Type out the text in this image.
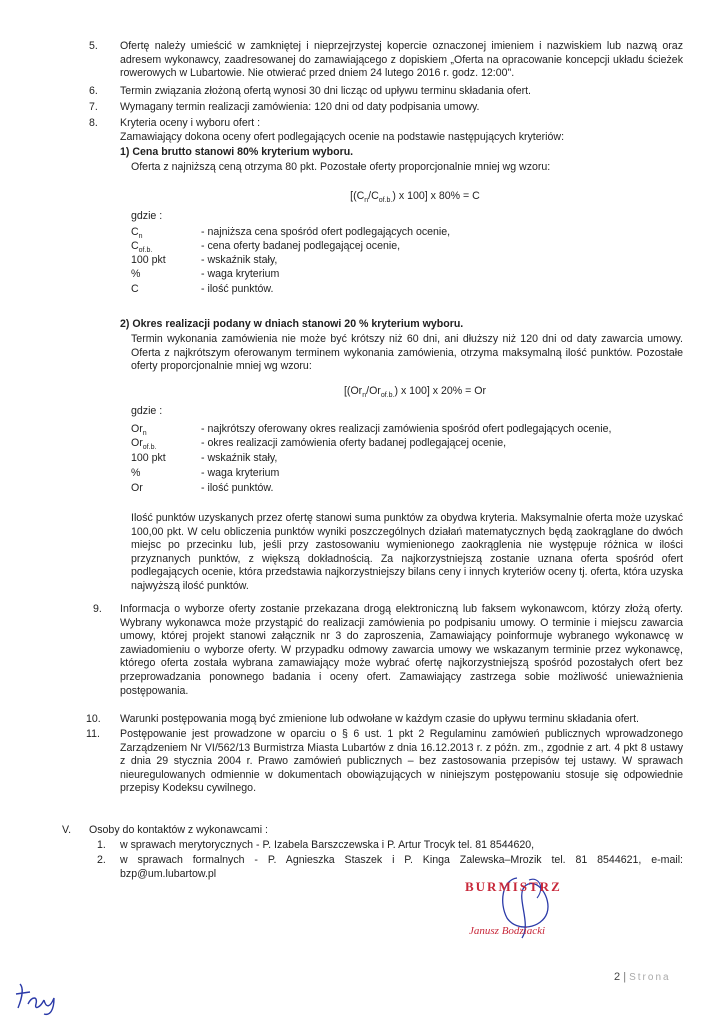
5. Ofertę należy umieścić w zamkniętej i nieprzejrzystej kopercie oznaczonej imieniem i nazwiskiem lub nazwą oraz adresem wykonawcy, zaadresowanej do zamawiającego z dopiskiem „Oferta na opracowanie koncepcji układu ścieżek rowerowych w Lubartowie. Nie otwierać przed dniem 24 lutego 2016 r. godz. 12:00".
6. Termin związania złożoną ofertą wynosi 30 dni licząc od upływu terminu składania ofert.
7. Wymagany termin realizacji zamówienia: 120 dni od daty podpisania umowy.
8. Kryteria oceny i wyboru ofert :
Zamawiający dokona oceny ofert podlegających ocenie na podstawie następujących kryteriów:
1) Cena brutto stanowi 80% kryterium wyboru.
Oferta z najniższą ceną otrzyma 80 pkt. Pozostałe oferty proporcjonalnie mniej wg wzoru:
[$(C_n/C_{of.b.})$ x 100] x 80% = C
gdzie :
$C_n$	- najniższa cena spośród ofert podlegających ocenie,
$C_{of.b.}$	- cena oferty badanej podlegającej ocenie,
100 pkt	- wskaźnik stały,
%	- waga kryterium
C	- ilość punktów.
2) Okres realizacji podany w dniach stanowi 20 % kryterium wyboru.
Termin wykonania zamówienia nie może być krótszy niż 60 dni, ani dłuższy niż 120 dni od daty zawarcia umowy. Oferta z najkrótszym oferowanym terminem wykonania zamówienia, otrzyma maksymalną ilość punktów. Pozostałe oferty proporcjonalnie mniej wg wzoru:
[$(Or_n/Or_{of.b.})$ x 100] x 20% = Or
gdzie :
$Or_n$	- najkrótszy oferowany okres realizacji zamówienia spośród ofert podlegających ocenie,
$Or_{of.b.}$	- okres realizacji zamówienia oferty badanej podlegającej ocenie,
100 pkt	- wskaźnik stały,
%	- waga kryterium
Or	- ilość punktów.
Ilość punktów uzyskanych przez ofertę stanowi suma punktów za obydwa kryteria. Maksymalnie oferta może uzyskać 100,00 pkt. W celu obliczenia punktów wyniki poszczególnych działań matematycznych będą zaokrąglane do dwóch miejsc po przecinku lub, jeśli przy zastosowaniu wymienionego zaokrąglenia nie występuje różnica w ilości przyznanych punktów, z większą dokładnością. Za najkorzystniejszą zostanie uznana oferta spośród ofert podlegających ocenie, która przedstawia najkorzystniejszy bilans ceny i innych kryteriów oceny tj. oferta, która uzyska najwyższą ilość punktów.
9. Informacja o wyborze oferty zostanie przekazana drogą elektroniczną lub faksem wykonawcom, którzy złożą oferty. Wybrany wykonawca może przystąpić do realizacji zamówienia po podpisaniu umowy. O terminie i miejscu zawarcia umowy, której projekt stanowi załącznik nr 3 do zaproszenia, Zamawiający poinformuje wybranego wykonawcę w zawiadomieniu o wyborze oferty. W przypadku odmowy zawarcia umowy we wskazanym terminie przez wykonawcę, którego oferta została wybrana zamawiający może wybrać ofertę najkorzystniejszą spośród pozostałych ofert bez przeprowadzania ponownego badania i oceny ofert. Zamawiający zastrzega sobie możliwość unieważnienia postępowania.
10. Warunki postępowania mogą być zmienione lub odwołane w każdym czasie do upływu terminu składania ofert.
11. Postępowanie jest prowadzone w oparciu o § 6 ust. 1 pkt 2 Regulaminu zamówień publicznych wprowadzonego Zarządzeniem Nr VI/562/13 Burmistrza Miasta Lubartów z dnia 16.12.2013 r. z późn. zm., zgodnie z art. 4 pkt 8 ustawy z dnia 29 stycznia 2004 r. Prawo zamówień publicznych – bez zastosowania przepisów tej ustawy. W sprawach nieuregulowanych odmiennie w dokumentach obowiązujących w niniejszym postępowaniu stosuje się odpowiednie przepisy Kodeksu cywilnego.
V. Osoby do kontaktów z wykonawcami :
1. w sprawach merytorycznych - P. Izabela Barszczewska i P. Artur Trocyk tel. 81 8544620,
2. w sprawach formalnych - P. Agnieszka Staszek i P. Kinga Zalewska–Mrozik tel. 81 8544621, e-mail: bzp@um.lubartow.pl
BURMISTRZ
Janusz Bodziacki
2 | Strona
